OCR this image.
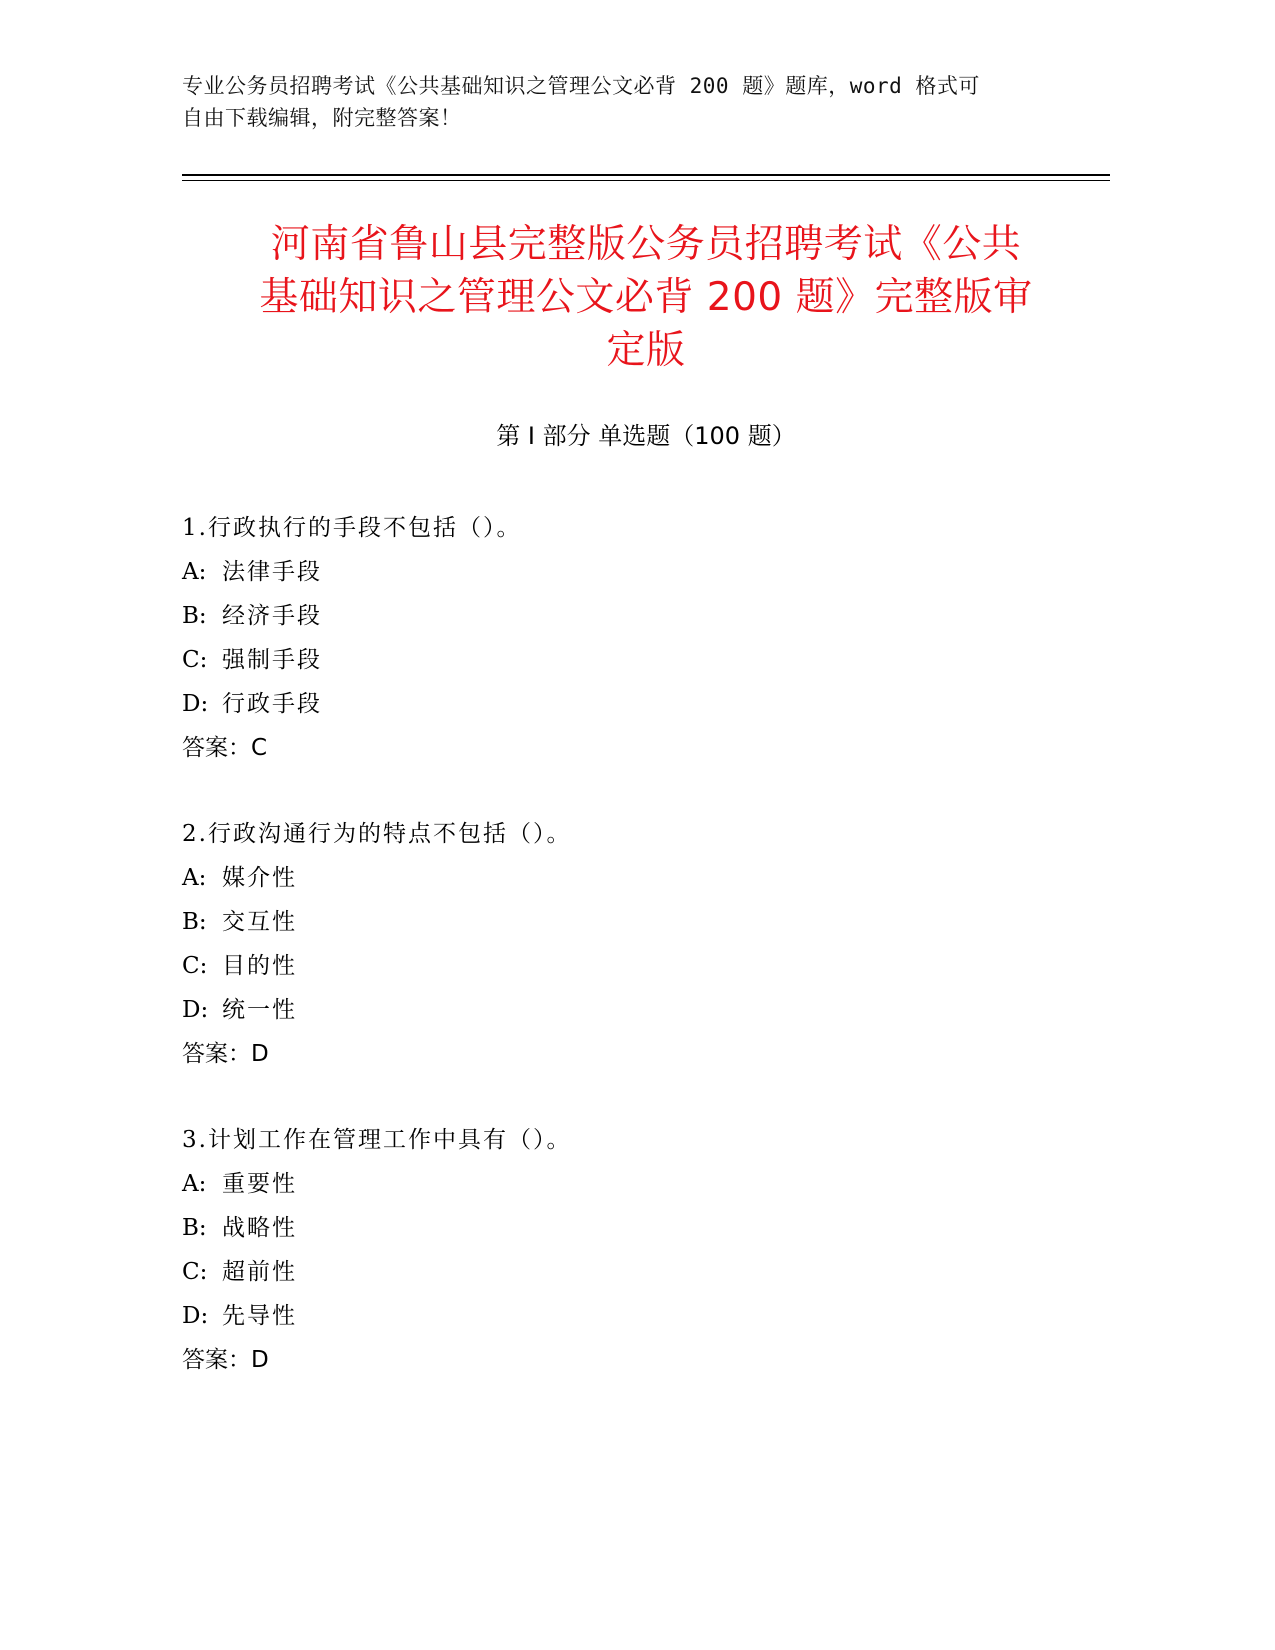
专业公务员招聘考试《公共基础知识之管理公文必背 200 题》题库，word 格式可
自由下载编辑，附完整答案！
河南省鲁山县完整版公务员招聘考试《公共
基础知识之管理公文必背 200 题》完整版审
定版
第 I 部分 单选题（100 题）
1.行政执行的手段不包括（）。
A: 法律手段
B: 经济手段
C: 强制手段
D: 行政手段
答案：C
2.行政沟通行为的特点不包括（）。
A: 媒介性
B: 交互性
C: 目的性
D: 统一性
答案：D
3.计划工作在管理工作中具有（）。
A: 重要性
B: 战略性
C: 超前性
D: 先导性
答案：D
